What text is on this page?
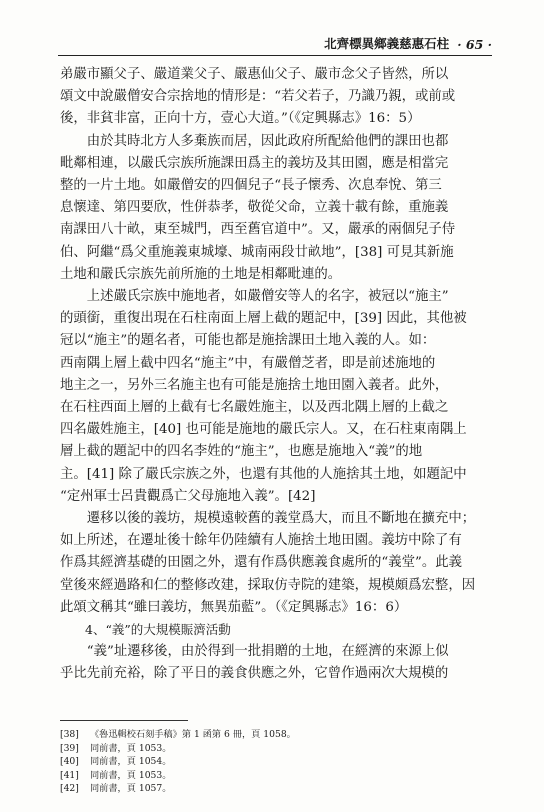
北齊標異鄉義慈惠石柱 · 65 ·

弟嚴市顯父子、嚴道業父子、嚴惠仙父子、嚴市念父子皆然，所以
頌文中說嚴僧安合宗捨地的情形是：“若父若子，乃識乃親，或前或
後，非貧非富，正向十方，壹心大道。”（《定興縣志》16：5）

由於其時北方人多棄族而居，因此政府所配給他們的課田也都
毗鄰相連，以嚴氏宗族所施課田爲主的義坊及其田園，應是相當完
整的一片土地。如嚴僧安的四個兒子“長子懷秀、次息奉悅、第三
息懷達、第四要欣，性併恭孝，敬從父命，立義十載有餘，重施義
南課田八十畝，東至城門，西至舊官道中”。又，嚴承的兩個兒子侍
伯、阿繼“爲父重施義東城壕、城南兩段廿畝地”，[38] 可見其新施
土地和嚴氏宗族先前所施的土地是相鄰毗連的。

上述嚴氏宗族中施地者，如嚴僧安等人的名字，被冠以“施主”
的頭銜，重復出現在石柱南面上層上截的題記中，[39] 因此，其他被
冠以“施主”的題名者，可能也都是施捨課田土地入義的人。如：
西南隅上層上截中四名“施主”中，有嚴僧芝者，即是前述施地的
地主之一，另外三名施主也有可能是施捨土地田園入義者。此外，
在石柱西面上層的上截有七名嚴姓施主，以及西北隅上層的上截之
四名嚴姓施主，[40] 也可能是施地的嚴氏宗人。又，在石柱東南隅上
層上截的題記中的四名李姓的“施主”，也應是施地入“義”的地
主。[41] 除了嚴氏宗族之外，也還有其他的人施捨其土地，如題記中
“定州軍士呂貴觀爲亡父母施地入義”。[42]

遷移以後的義坊，規模遠較舊的義堂爲大，而且不斷地在擴充中；
如上所述，在遷址後十餘年仍陸續有人施捨土地田園。義坊中除了有
作爲其經濟基礎的田園之外，還有作爲供應義食處所的“義堂”。此義
堂後來經過路和仁的整修改建，採取仿寺院的建築，規模頗爲宏整，因
此頌文稱其“雖曰義坊，無異茄藍”。（《定興縣志》16：6）

4、“義”的大規模賑濟活動

“義”址遷移後，由於得到一批捐贈的土地，在經濟的來源上似
乎比先前充裕，除了平日的義食供應之外，它曾作過兩次大規模的

[38]	《魯迅輯校石刻手稿》第 1 函第 6 冊，頁 1058。
[39]	同前書，頁 1053。
[40]	同前書，頁 1054。
[41]	同前書，頁 1053。
[42]	同前書，頁 1057。
